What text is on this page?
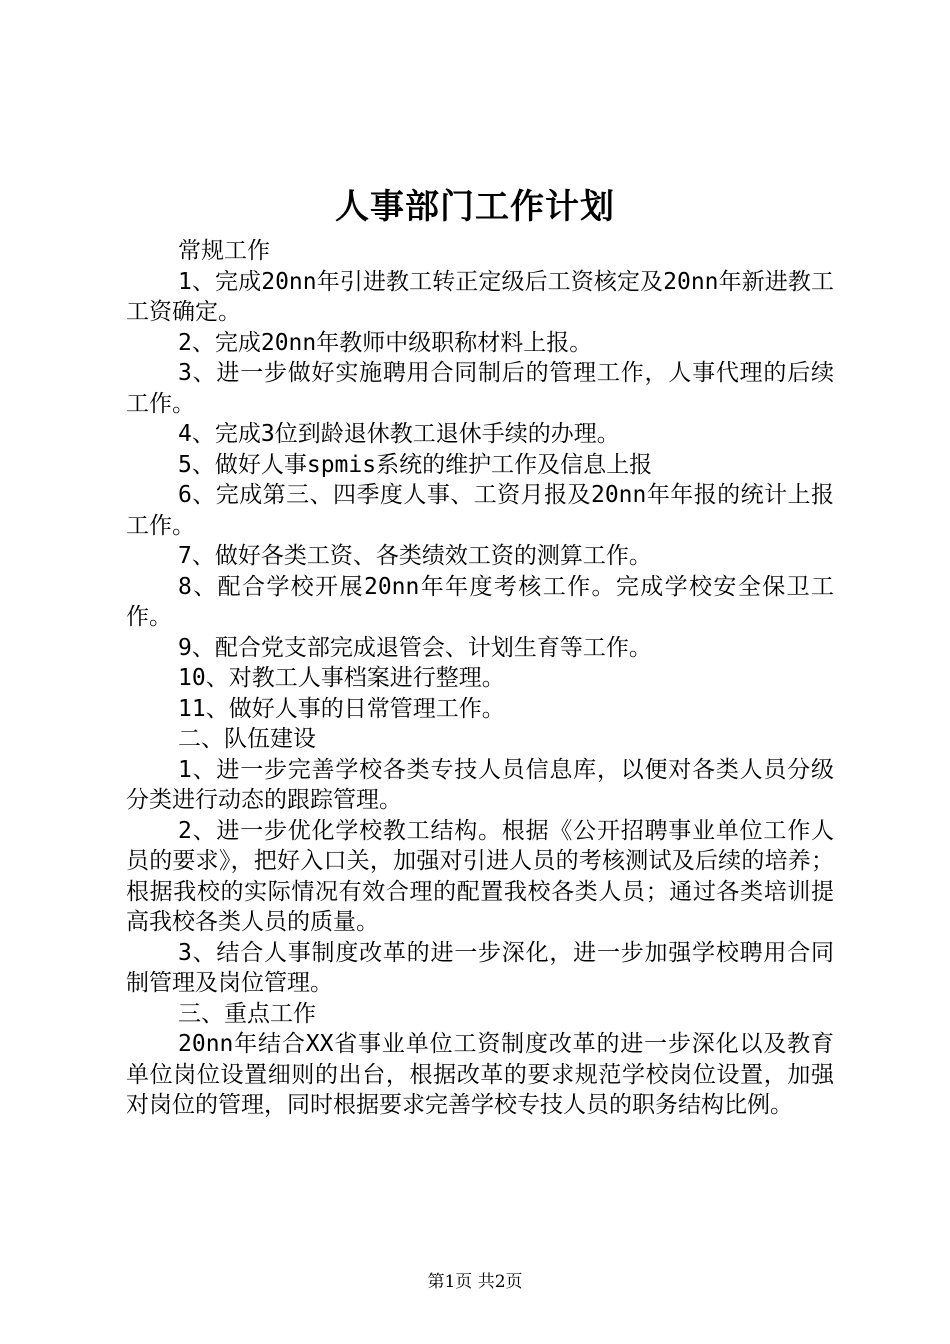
人事部门工作计划

常规工作

1、完成20nn年引进教工转正定级后工资核定及20nn年新进教工工资确定。

2、完成20nn年教师中级职称材料上报。

3、进一步做好实施聘用合同制后的管理工作，人事代理的后续工作。

4、完成3位到龄退休教工退休手续的办理。

5、做好人事spmis系统的维护工作及信息上报

6、完成第三、四季度人事、工资月报及20nn年年报的统计上报工作。

7、做好各类工资、各类绩效工资的测算工作。

8、配合学校开展20nn年年度考核工作。完成学校安全保卫工作。

9、配合党支部完成退管会、计划生育等工作。

10、对教工人事档案进行整理。

11、做好人事的日常管理工作。

二、队伍建设

1、进一步完善学校各类专技人员信息库，以便对各类人员分级分类进行动态的跟踪管理。

2、进一步优化学校教工结构。根据《公开招聘事业单位工作人员的要求》，把好入口关，加强对引进人员的考核测试及后续的培养；根据我校的实际情况有效合理的配置我校各类人员；通过各类培训提高我校各类人员的质量。

3、结合人事制度改革的进一步深化，进一步加强学校聘用合同制管理及岗位管理。

三、重点工作

20nn年结合XX省事业单位工资制度改革的进一步深化以及教育单位岗位设置细则的出台，根据改革的要求规范学校岗位设置，加强对岗位的管理，同时根据要求完善学校专技人员的职务结构比例。

第1页 共2页
